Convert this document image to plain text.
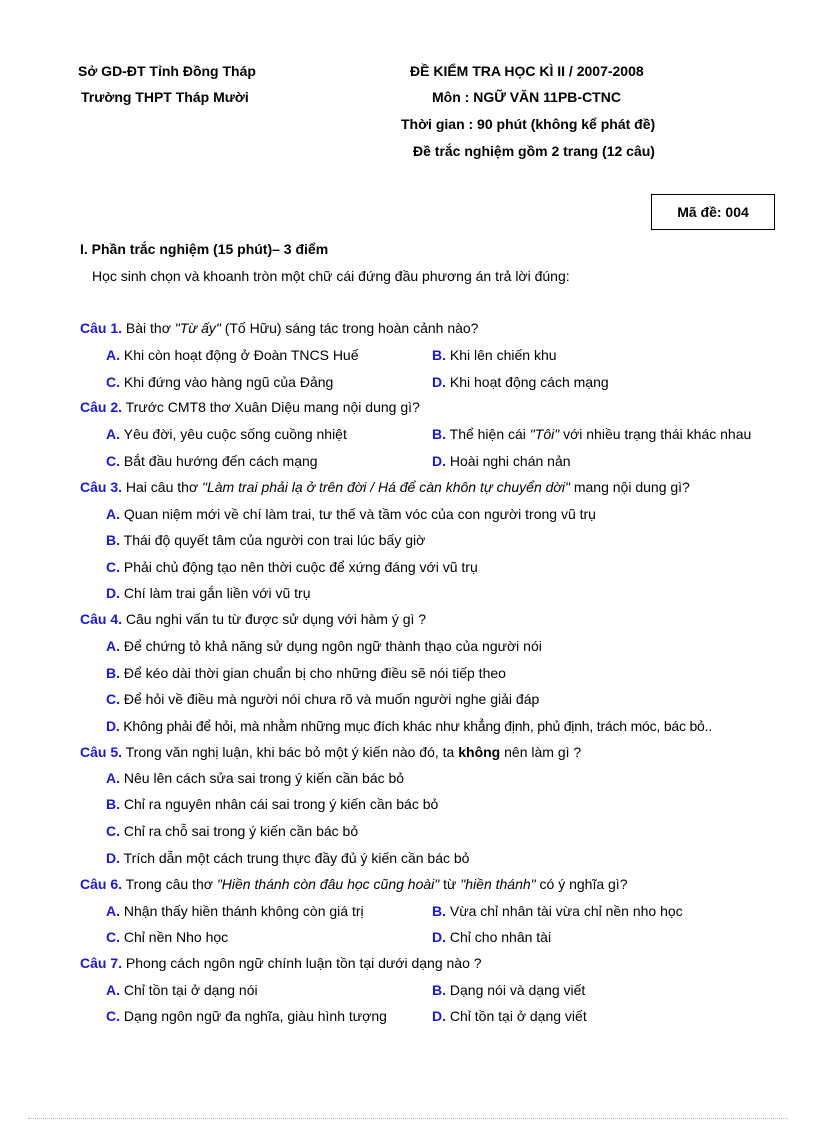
Sở GD-ĐT Tỉnh Đồng Tháp
Trường THPT Tháp Mười
ĐỀ KIỂM TRA HỌC KÌ II / 2007-2008
Môn : NGỮ VĂN 11PB-CTNC
Thời gian : 90 phút (không kể phát đề)
Đề trắc nghiệm gồm 2 trang (12 câu)
Mã đề: 004
I. Phần trắc nghiệm (15 phút)– 3 điểm
Học sinh chọn và khoanh tròn một chữ cái đứng đầu phương án trả lời đúng:
Câu 1. Bài thơ "Từ ấy" (Tố Hữu) sáng tác trong hoàn cảnh nào?
A. Khi còn hoạt động ở Đoàn TNCS Huế	B. Khi lên chiến khu
C. Khi đứng vào hàng ngũ của Đảng	D. Khi hoạt động cách mạng
Câu 2. Trước CMT8 thơ Xuân Diệu mang nội dung gì?
A. Yêu đời, yêu cuộc sống cuồng nhiệt	B. Thể hiện cái "Tôi" với nhiều trạng thái khác nhau
C. Bắt đầu hướng đến cách mạng	D. Hoài nghi chán nản
Câu 3. Hai câu thơ "Làm trai phải lạ ở trên đời / Há để càn khôn tự chuyển dời" mang nội dung gì?
A. Quan niệm mới về chí làm trai, tư thế và tầm vóc của con người trong vũ trụ
B. Thái độ quyết tâm của người con trai lúc bấy giờ
C. Phải chủ động tạo nên thời cuộc để xứng đáng với vũ trụ
D. Chí làm trai gắn liền với vũ trụ
Câu 4. Câu nghi vấn tu từ được sử dụng với hàm ý gì ?
A. Để chứng tỏ khả năng sử dụng ngôn ngữ thành thạo của người nói
B. Để kéo dài thời gian chuẩn bị cho những điều sẽ nói tiếp theo
C. Để hỏi về điều mà người nói chưa rõ và muốn người nghe giải đáp
D. Không phải để hỏi, mà nhằm những mục đích khác như khẳng định, phủ định, trách móc, bác bỏ..
Câu 5. Trong văn nghị luận, khi bác bỏ một ý kiến nào đó, ta không nên làm gì ?
A. Nêu lên cách sửa sai trong ý kiến cần bác bỏ
B. Chỉ ra nguyên nhân cái sai trong ý kiến cần bác bỏ
C. Chỉ ra chỗ sai trong ý kiến cần bác bỏ
D. Trích dẫn một cách trung thực đầy đủ ý kiến cần bác bỏ
Câu 6. Trong câu thơ "Hiền thánh còn đâu học cũng hoài" từ "hiền thánh" có ý nghĩa gì?
A. Nhận thấy hiền thánh không còn giá trị	B. Vừa chỉ nhân tài vừa chỉ nền nho học
C. Chỉ nền Nho học	D. Chỉ cho nhân tài
Câu 7. Phong cách ngôn ngữ chính luận tồn tại dưới dạng nào ?
A. Chỉ tồn tại ở dạng nói	B. Dạng nói và dạng viết
C. Dạng ngôn ngữ đa nghĩa, giàu hình tượng	D. Chỉ tồn tại ở dạng viết
